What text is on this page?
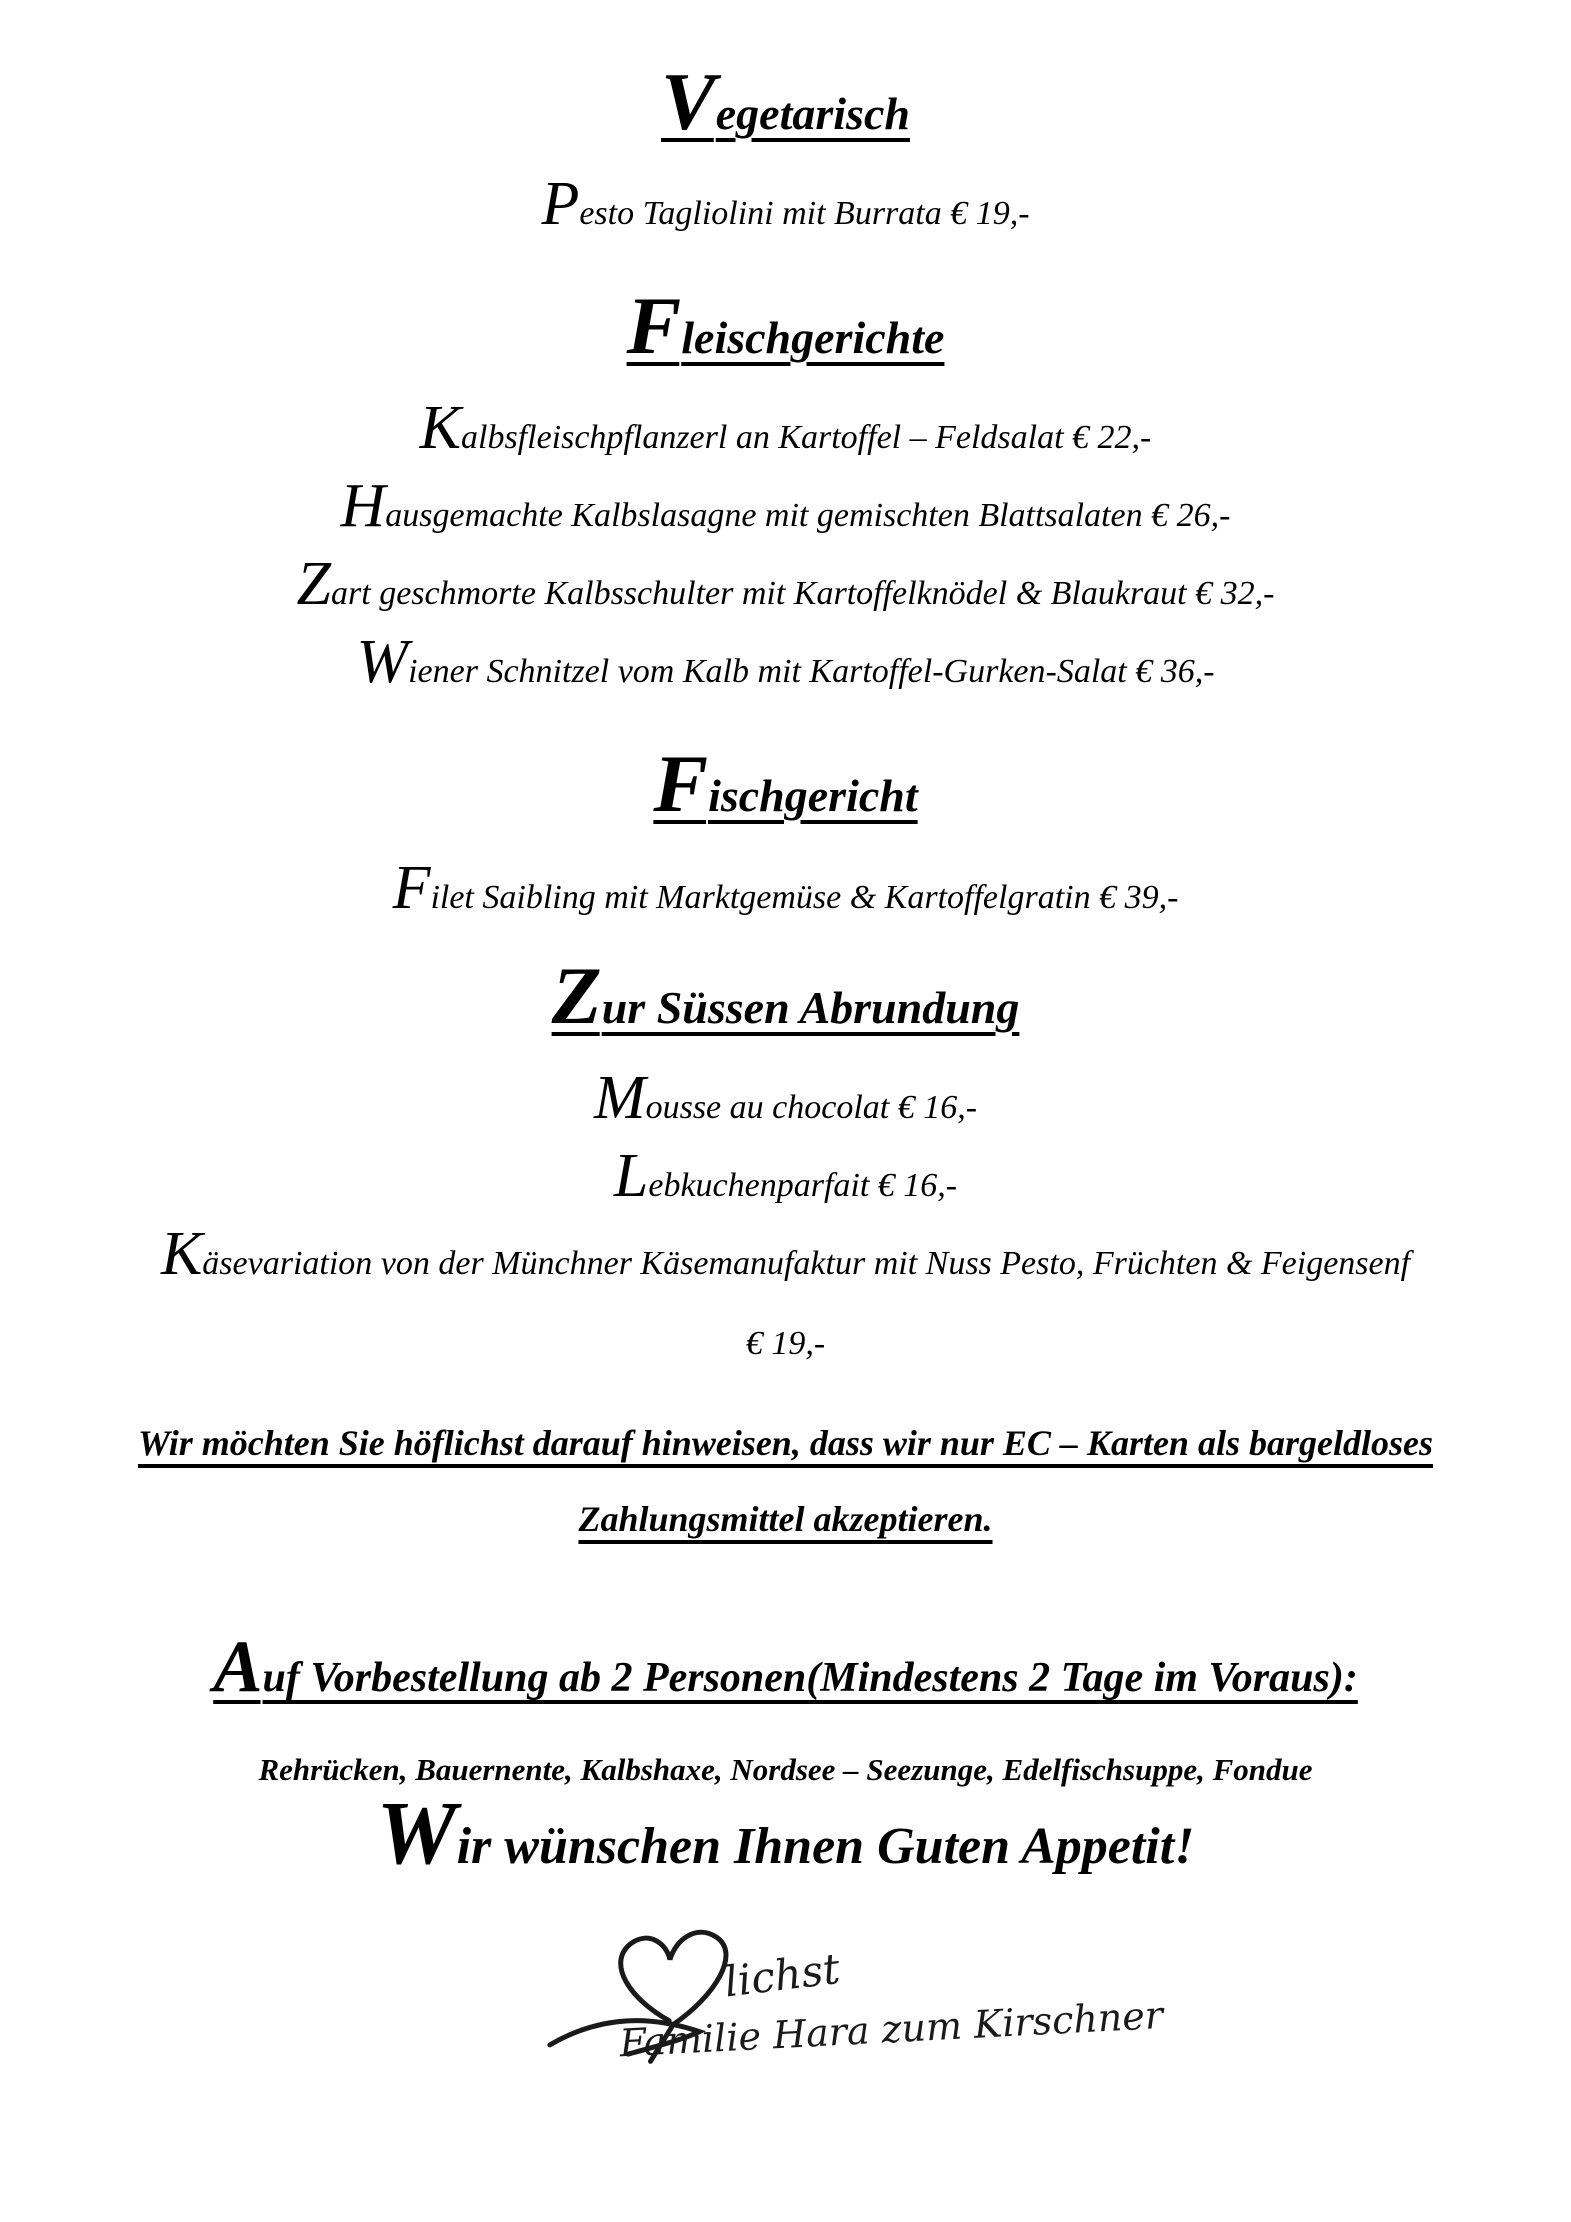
Vegetarisch

Pesto Tagliolini mit Burrata € 19,-

Fleischgerichte

Kalbsfleischpflanzerl an Kartoffel – Feldsalat € 22,-

Hausgemachte Kalbslasagne mit gemischten Blattsalaten € 26,-

Zart geschmorte Kalbsschulter mit Kartoffelknödel & Blaukraut € 32,-

Wiener Schnitzel vom Kalb mit Kartoffel-Gurken-Salat € 36,-

Fischgericht

Filet Saibling mit Marktgemüse & Kartoffelgratin € 39,-

Zur Süssen Abrundung

Mousse au chocolat € 16,-

Lebkuchenparfait € 16,-

Käsevariation von der Münchner Käsemanufaktur mit Nuss Pesto, Früchten & Feigensenf

€ 19,-

Wir möchten Sie höflichst darauf hinweisen, dass wir nur EC – Karten als bargeldloses

Zahlungsmittel akzeptieren.

Auf Vorbestellung ab 2 Personen(Mindestens 2 Tage im Voraus):

Rehrücken, Bauernente, Kalbshaxe, Nordsee – Seezunge, Edelfischsuppe, Fondue

Wir wünschen Ihnen Guten Appetit!

lichst
Familie Hara zum Kirschner
